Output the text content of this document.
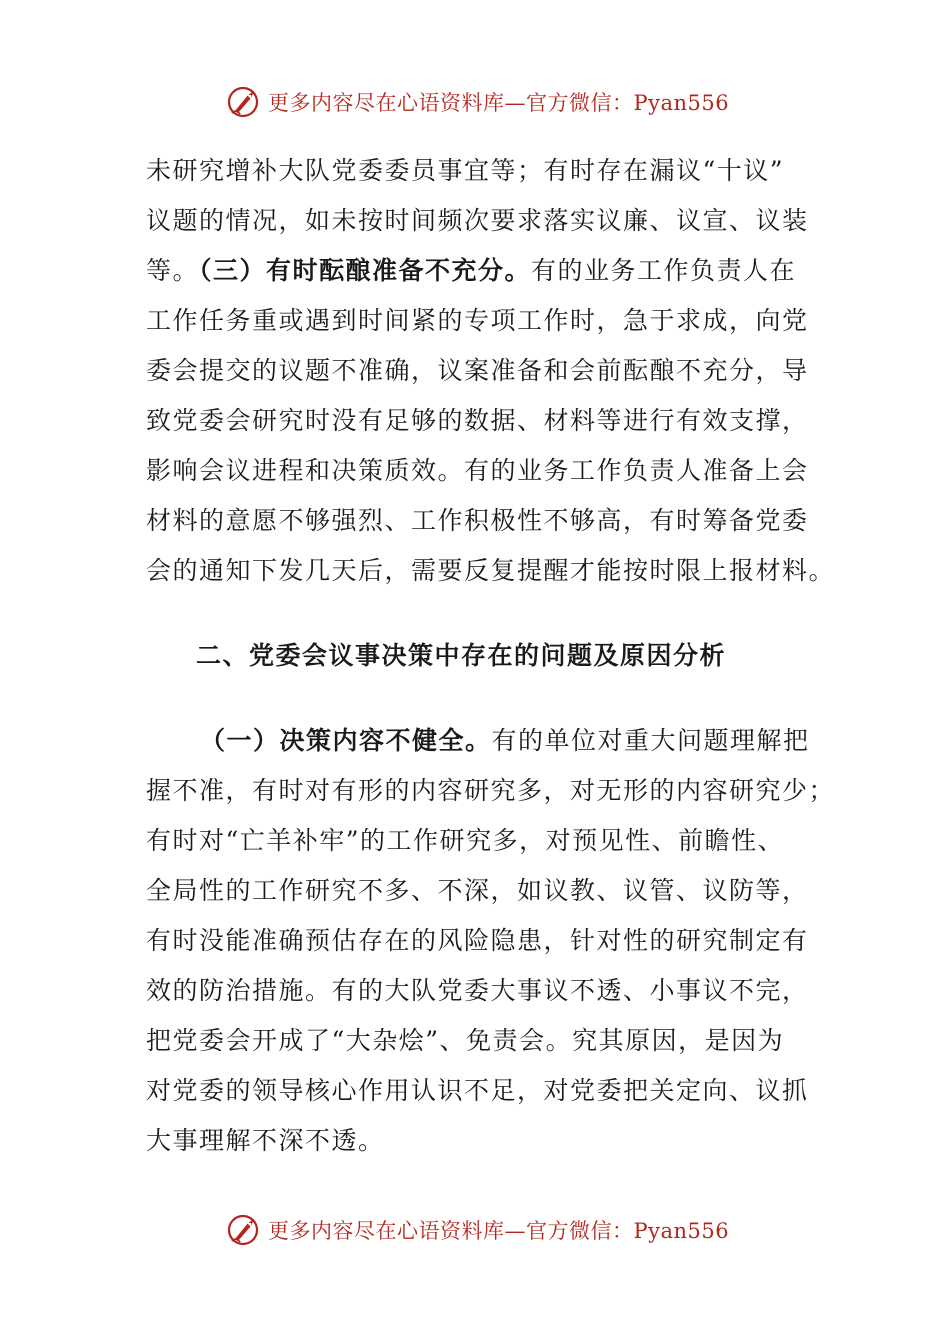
更多内容尽在心语资料库—官方微信：Pyan556
未研究增补大队党委委员事宜等；有时存在漏议“十议”
议题的情况，如未按时间频次要求落实议廉、议宣、议装
等。（三）有时酝酿准备不充分。有的业务工作负责人在
工作任务重或遇到时间紧的专项工作时，急于求成，向党
委会提交的议题不准确，议案准备和会前酝酿不充分，导
致党委会研究时没有足够的数据、材料等进行有效支撑，
影响会议进程和决策质效。有的业务工作负责人准备上会
材料的意愿不够强烈、工作积极性不够高，有时筹备党委
会的通知下发几天后，需要反复提醒才能按时限上报材料。
二、党委会议事决策中存在的问题及原因分析
（一）决策内容不健全。有的单位对重大问题理解把
握不准，有时对有形的内容研究多，对无形的内容研究少；
有时对“亡羊补牢”的工作研究多，对预见性、前瞻性、
全局性的工作研究不多、不深，如议教、议管、议防等，
有时没能准确预估存在的风险隐患，针对性的研究制定有
效的防治措施。有的大队党委大事议不透、小事议不完，
把党委会开成了“大杂烩”、免责会。究其原因，是因为
对党委的领导核心作用认识不足，对党委把关定向、议抓
大事理解不深不透。
更多内容尽在心语资料库—官方微信：Pyan556
